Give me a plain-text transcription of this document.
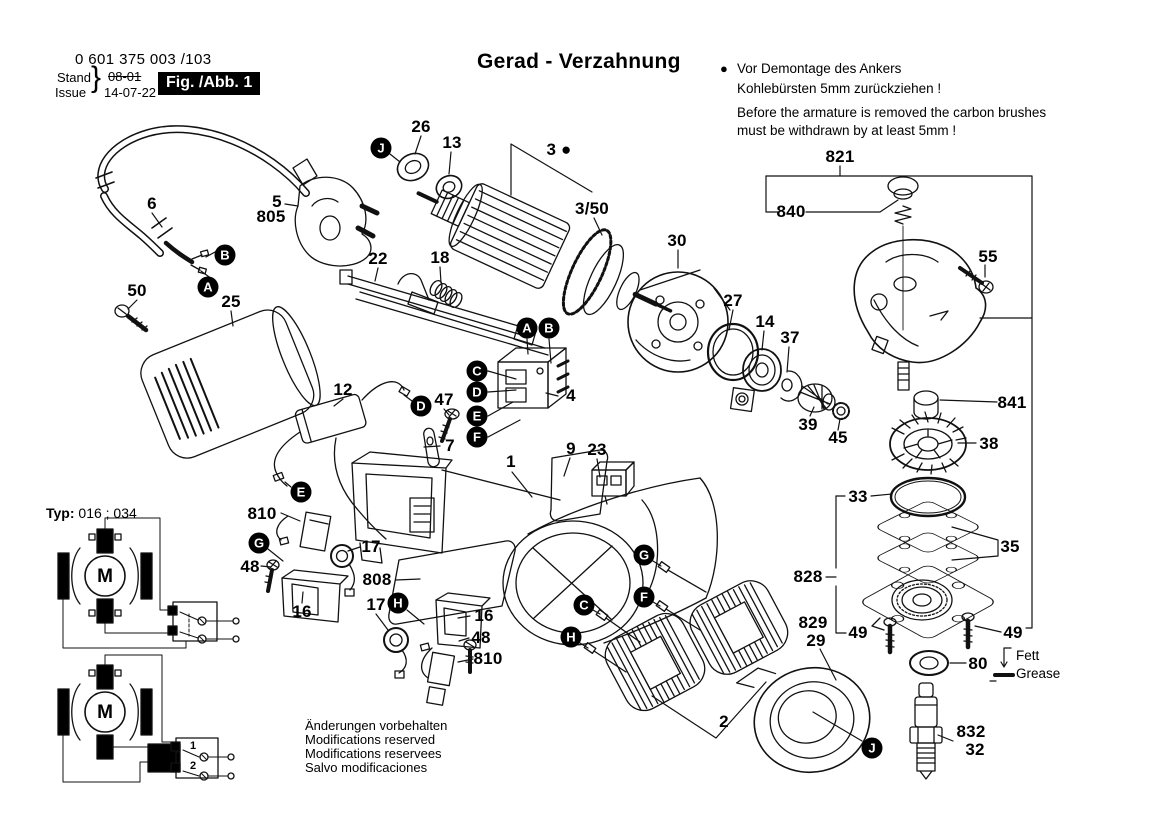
0 601 375 003 /103
Stand
Issue } 08-01
14-07-22
Fig. /Abb. 1
Gerad - Verzahnung	● Vor Demontage des Ankers
Kohlebürsten 5mm zurückziehen !
Before the armature is removed the carbon brushes
must be withdrawn by at least 5mm !
Typ: 016 ; 034
Fett
Grease
Änderungen vorbehalten
Modifications reserved
Modifications reservees
Salvo modificaciones
M
M
1
2
26
13	3 ●
3/50
30
27
14
37
39
45
821
840
55
841
38
33
35
828
829
29 49	49
80
832
32
5
805
6
50
25
22	18
12
47
7
4
1
9 23
810
17
48
16
808
17
16
48
810
2
J
B
A
A B
C
D
E
F
D
E
G
H
G
F
C
H
J
